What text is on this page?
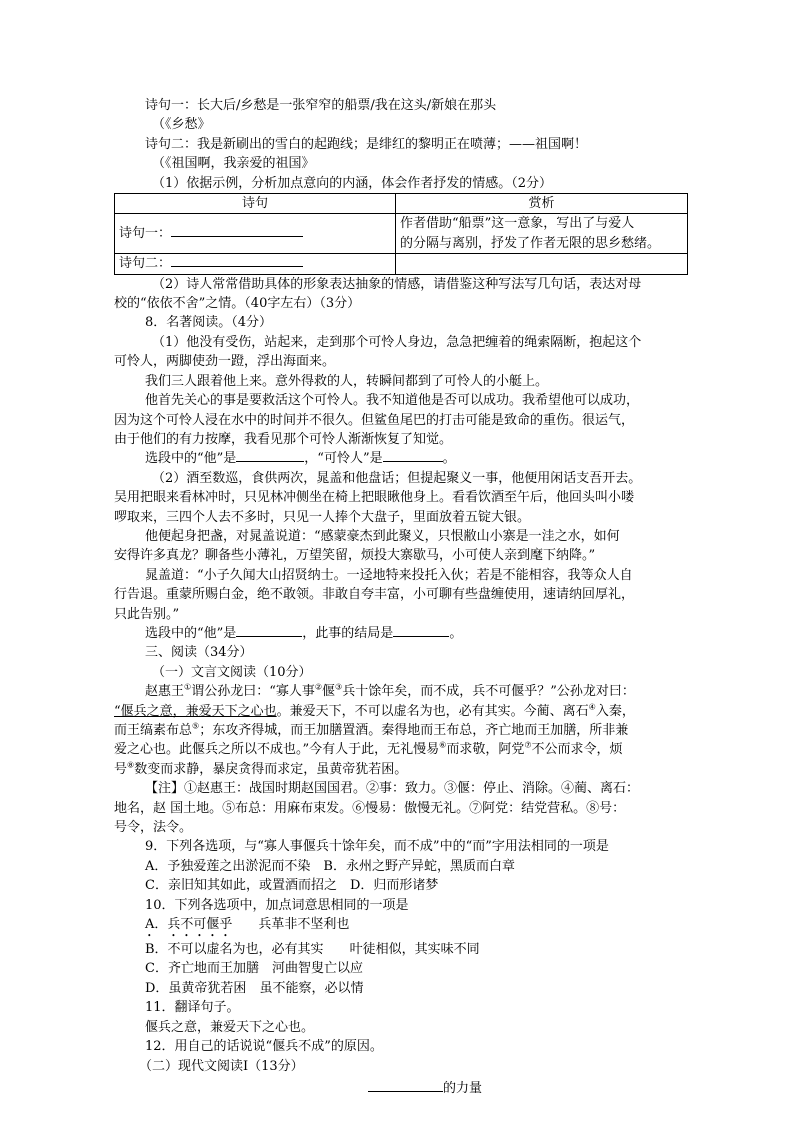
诗句一：长大后/乡愁是一张窄窄的船票/我在这头/新娘在那头

（《乡愁》

诗句二：我是新刷出的雪白的起跑线；是绯红的黎明正在喷薄；——祖国啊！

（《祖国啊，我亲爱的祖国》

（1）依据示例，分析加点意向的内涵，体会作者抒发的情感。（2分）

诗句	赏析
诗句一：	作者借助“船票”这一意象，写出了与爱人
的分隔与离别，抒发了作者无限的思乡愁绪。

诗句二：	

（2）诗人常常借助具体的形象表达抽象的情感，请借鉴这种写法写几句话，表达对母

校的“依依不舍”之情。（40字左右）（3分）

8．名著阅读。（4分）

（1）他没有受伤，站起来，走到那个可怜人身边，急急把缠着的绳索隔断，抱起这个

可怜人，两脚使劲一蹬，浮出海面来。

我们三人跟着他上来。意外得救的人，转瞬间都到了可怜人的小艇上。

他首先关心的事是要救活这个可怜人。我不知道他是否可以成功。我希望他可以成功，

因为这个可怜人浸在水中的时间并不很久。但鲨鱼尾巴的打击可能是致命的重伤。很运气，

由于他们的有力按摩，我看见那个可怜人渐渐恢复了知觉。

选段中的“他”是	，“可怜人”是	。

（2）酒至数巡，食供两次，晁盖和他盘话；但提起聚义一事，他便用闲话支吾开去。

吴用把眼来看林冲时，只见林冲侧坐在椅上把眼瞅他身上。看看饮酒至午后，他回头叫小喽

啰取来，三四个人去不多时，只见一人捧个大盘子，里面放着五锭大银。

他便起身把盏，对晁盖说道：“感蒙豪杰到此聚义，只恨敝山小寨是一洼之水，如何

安得许多真龙？聊备些小薄礼，万望笑留，烦投大寨歇马，小可使人亲到麾下纳降。”

晁盖道：“小子久闻大山招贤纳士。一迳地特来投托入伙；若是不能相容，我等众人自

行告退。重蒙所赐白金，绝不敢领。非敢自夸丰富，小可聊有些盘缠使用，速请纳回厚礼，

只此告别。”

选段中的“他”是	，此事的结局是	。

三、阅读（34分）

（一）文言文阅读（10分）

赵惠王①谓公孙龙曰：“寡人事②偃③兵十馀年矣，而不成，兵不可偃乎？”公孙龙对曰：

“偃兵之意，兼爱天下之心也。兼爱天下，不可以虚名为也，必有其实。今蔺、离石④入秦，

而王缟素布总⑤；东攻齐得城，而王加膳置酒。秦得地而王布总，齐亡地而王加膳，所非兼

爱之心也。此偃兵之所以不成也。”今有人于此，无礼慢易⑥而求敬，阿党⑦不公而求令，烦

号⑧数变而求静，暴戾贪得而求定，虽黄帝犹若困。

【注】①赵惠王：战国时期赵国国君。②事：致力。③偃：停止、消除。④蔺、离石：

地名，赵 国土地。⑤布总：用麻布束发。⑥慢易：傲慢无礼。⑦阿党：结党营私。⑧号：

号令，法令。

9．下列各选项，与“寡人事偃兵十馀年矣，而不成”中的“而”字用法相同的一项是

A．予独爱莲之出淤泥而不染　B．永州之野产异蛇，黑质而白章

C．亲旧知其如此，或置酒而招之　D．归而形诸梦

10．下列各选项中，加点词意思相同的一项是

A．兵不可偃乎　　 兵革非不坚利也

B．不可以虚名为也，必有其实　　 叶徒相似，其实味不同

C．齐亡地而王加膳　 河曲智叟亡以应

D．虽黄帝犹若困　 虽不能察，必以情

11．翻译句子。

偃兵之意，兼爱天下之心也。

12．用自己的话说说“偃兵不成”的原因。

（二）现代文阅读Ⅰ（13分）

的力量
